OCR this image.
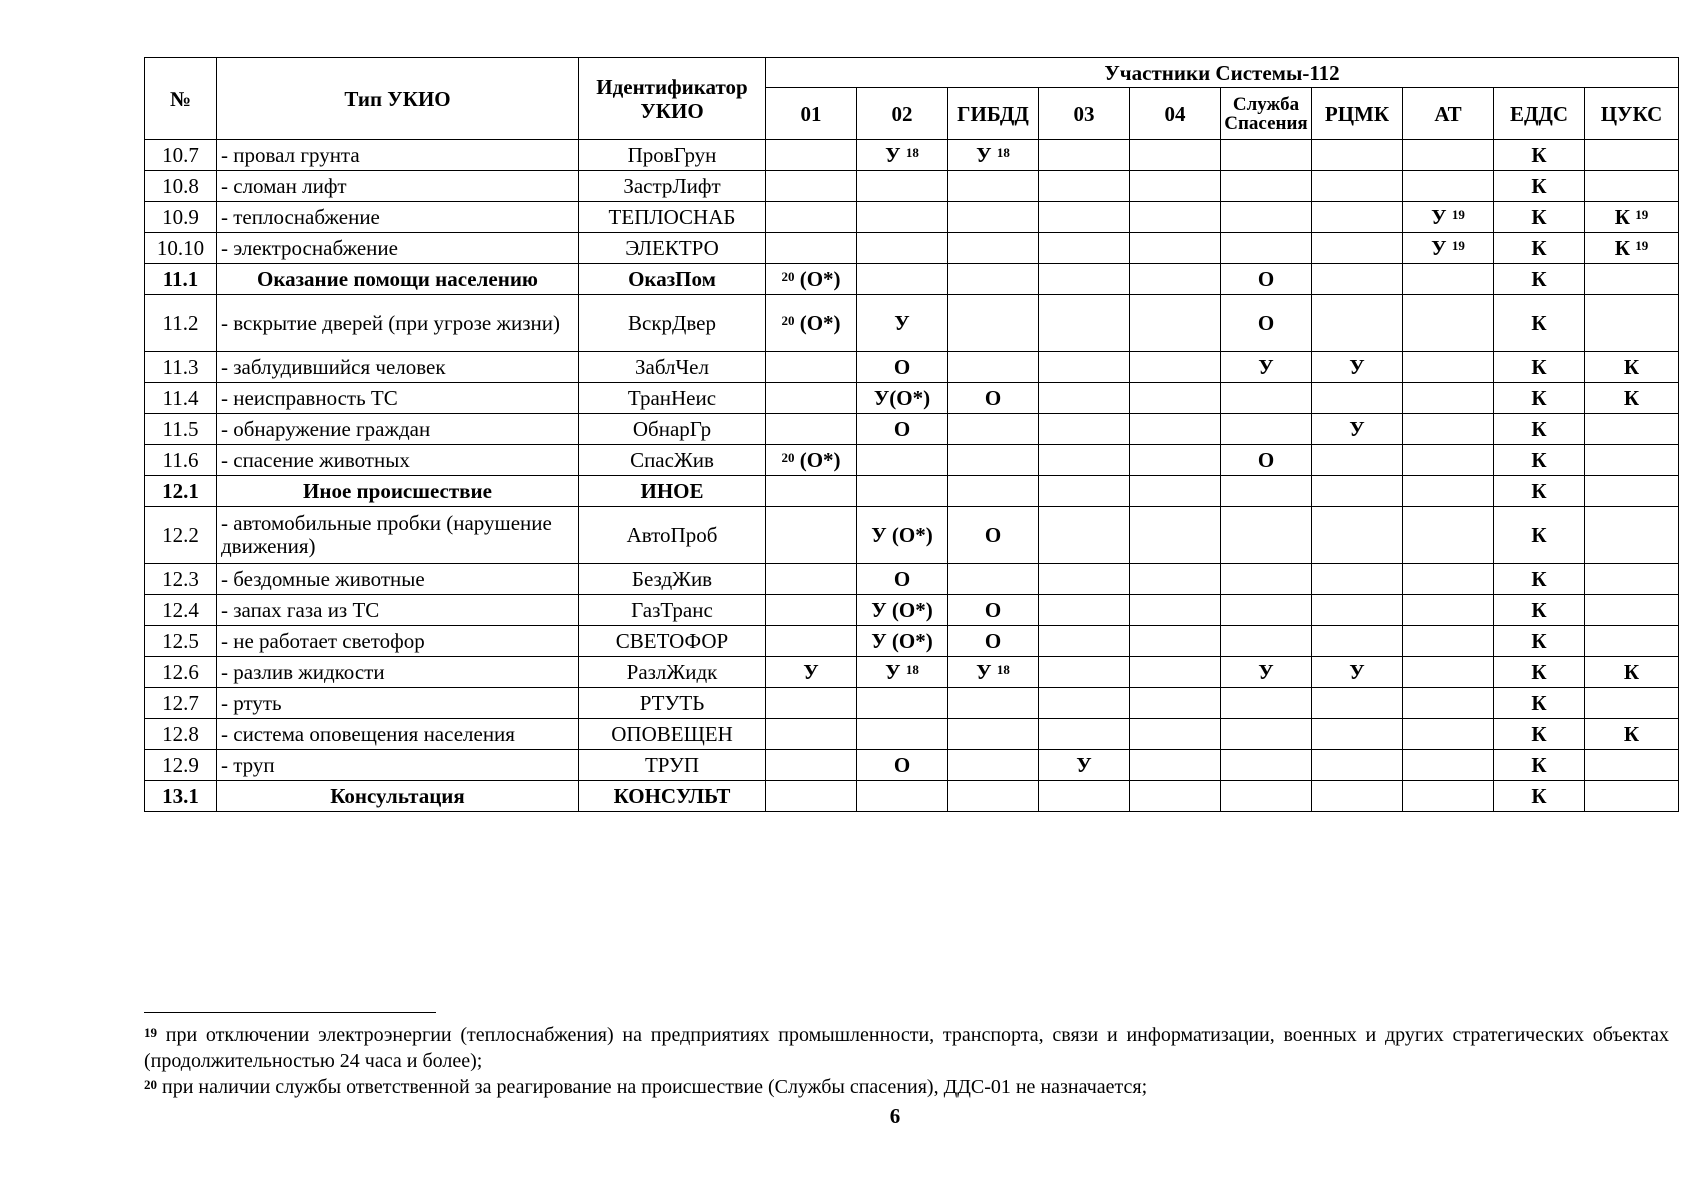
№	Тип УКИО	Идентификатор УКИО	Участники Системы-112									
			01	02	ГИБДД	03	04	Служба Спасения	РЦМК	АТ	ЕДДС	ЦУКС
10.7	- провал грунта	ПровГрун		У $^{18}$	У $^{18}$						К	
10.8	- сломан лифт	ЗастрЛифт									К	
10.9	- теплоснабжение	ТЕПЛОСНАБ								У $^{19}$	К	К $^{19}$
10.10	- электроснабжение	ЭЛЕКТРО								У $^{19}$	К	К $^{19}$
11.1	Оказание помощи населению	ОказПом	$^{20}$ (О*)					О			К	
11.2	- вскрытие дверей (при угрозе жизни)	ВскрДвер	$^{20}$ (О*)	У				О			К	
11.3	- заблудившийся человек	ЗаблЧел		О				У	У		К	К
11.4	- неисправность ТС	ТранНеис		У(О*)	О						К	К
11.5	- обнаружение граждан	ОбнарГр		О					У		К	
11.6	- спасение животных	СпасЖив	$^{20}$ (О*)					О			К	
12.1	Иное происшествие	ИНОЕ									К	
12.2	- автомобильные пробки (нарушение движения)	АвтоПроб		У (О*)	О						К	
12.3	- бездомные животные	БездЖив		О							К	
12.4	- запах газа из ТС	ГазТранс		У (О*)	О						К	
12.5	- не работает светофор	СВЕТОФОР		У (О*)	О						К	
12.6	- разлив жидкости	РазлЖидк	У	У $^{18}$	У $^{18}$			У	У		К	К
12.7	- ртуть	РТУТЬ									К	
12.8	- система оповещения населения	ОПОВЕЩЕН									К	К
12.9	- труп	ТРУП		О		У					К	
13.1	Консультация	КОНСУЛЬТ									К	

$^{19}$ при отключении электроэнергии (теплоснабжения) на предприятиях промышленности, транспорта, связи и информатизации, военных и других стратегических объектах (продолжительностью 24 часа и более);

$^{20}$ при наличии службы ответственной за реагирование на происшествие (Службы спасения), ДДС-01 не назначается;

6
